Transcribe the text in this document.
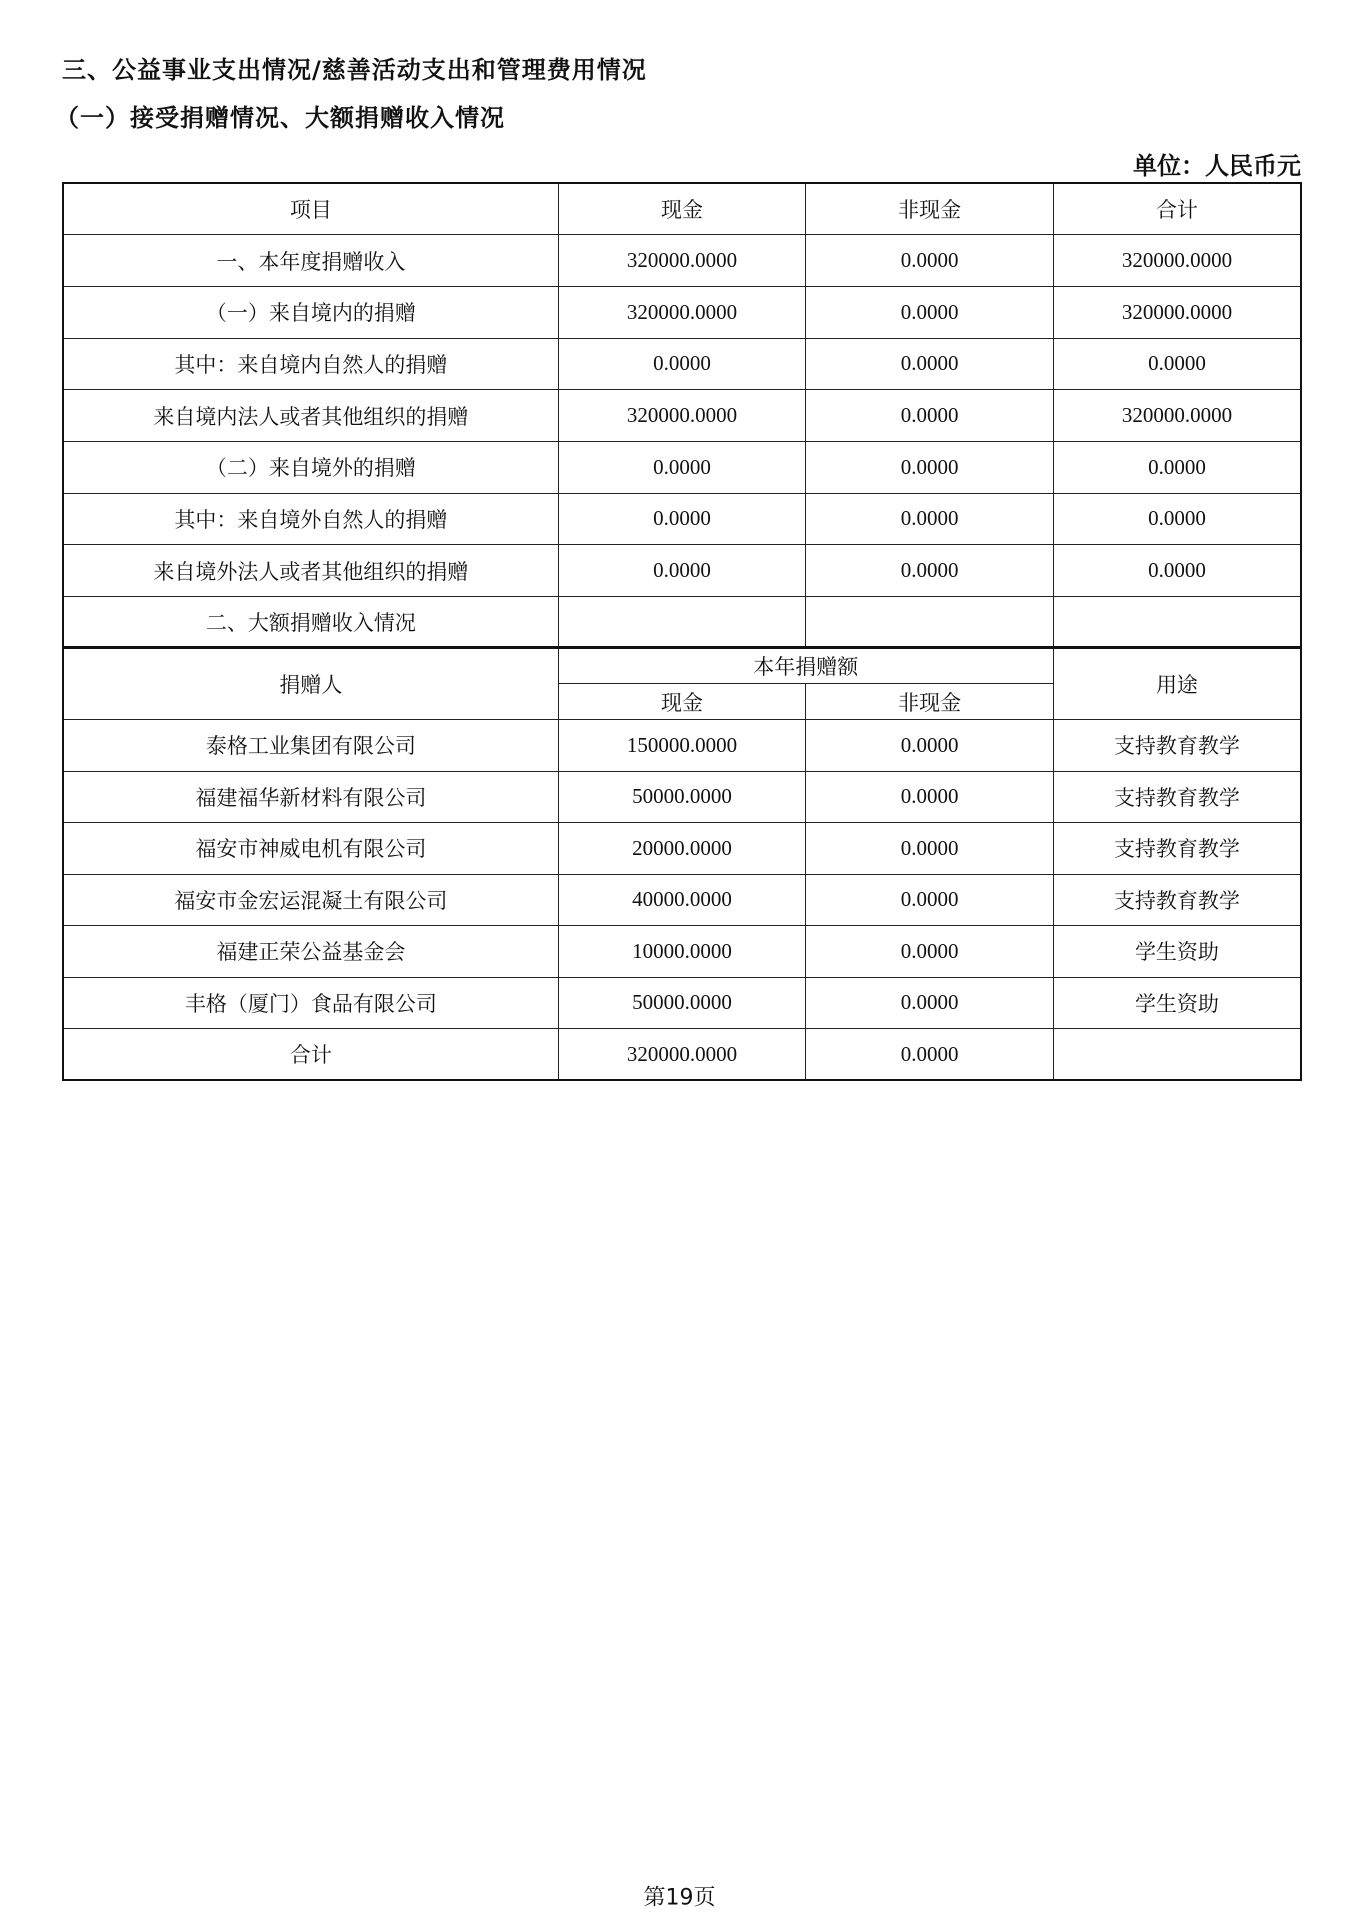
三、公益事业支出情况/慈善活动支出和管理费用情况
（一）接受捐赠情况、大额捐赠收入情况
单位：人民币元
项目	现金	非现金	合计
一、本年度捐赠收入	320000.0000	0.0000	320000.0000
（一）来自境内的捐赠	320000.0000	0.0000	320000.0000
其中：来自境内自然人的捐赠	0.0000	0.0000	0.0000
来自境内法人或者其他组织的捐赠	320000.0000	0.0000	320000.0000
（二）来自境外的捐赠	0.0000	0.0000	0.0000
其中：来自境外自然人的捐赠	0.0000	0.0000	0.0000
来自境外法人或者其他组织的捐赠	0.0000	0.0000	0.0000
二、大额捐赠收入情况			
捐赠人	本年捐赠额		用途
	现金	非现金	
泰格工业集团有限公司	150000.0000	0.0000	支持教育教学
福建福华新材料有限公司	50000.0000	0.0000	支持教育教学
福安市神威电机有限公司	20000.0000	0.0000	支持教育教学
福安市金宏运混凝土有限公司	40000.0000	0.0000	支持教育教学
福建正荣公益基金会	10000.0000	0.0000	学生资助
丰格（厦门）食品有限公司	50000.0000	0.0000	学生资助
合计	320000.0000	0.0000	
第19页
